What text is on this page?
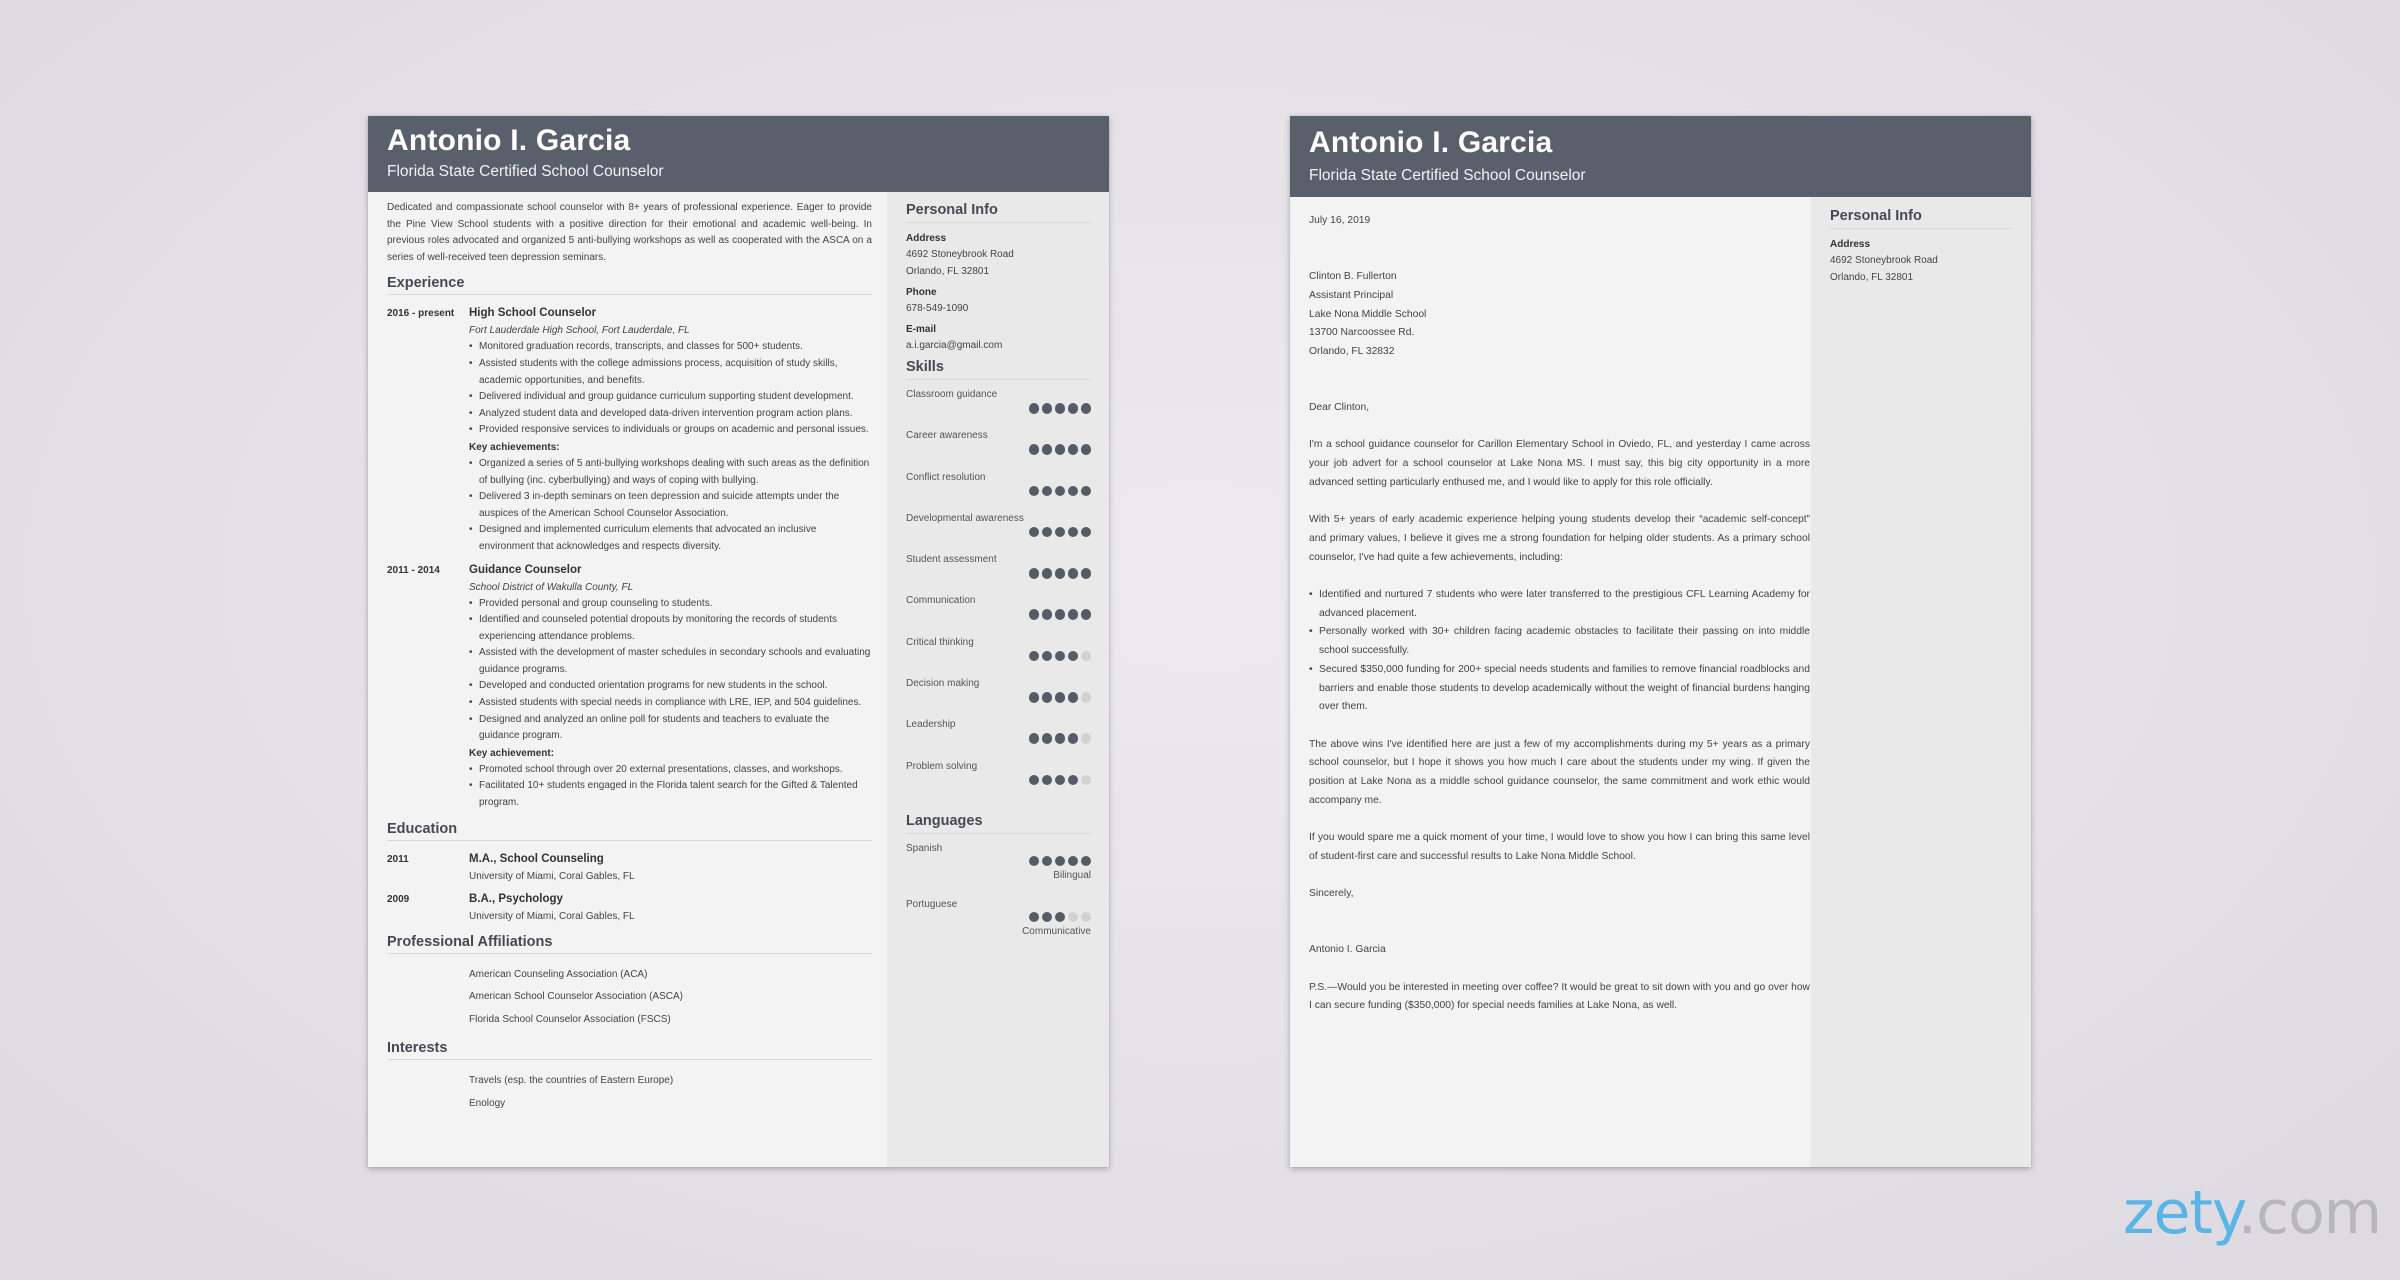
Antonio I. Garcia
Florida State Certified School Counselor
Dedicated and compassionate school counselor with 8+ years of professional experience. Eager to provide the Pine View School students with a positive direction for their emotional and academic well-being. In previous roles advocated and organized 5 anti-bullying workshops as well as cooperated with the ASCA on a series of well-received teen depression seminars.
Experience
2016 - present	High School Counselor
Fort Lauderdale High School, Fort Lauderdale, FL
• Monitored graduation records, transcripts, and classes for 500+ students.
• Assisted students with the college admissions process, acquisition of study skills, academic opportunities, and benefits.
• Delivered individual and group guidance curriculum supporting student development.
• Analyzed student data and developed data-driven intervention program action plans.
• Provided responsive services to individuals or groups on academic and personal issues.
Key achievements:
• Organized a series of 5 anti-bullying workshops dealing with such areas as the definition of bullying (inc. cyberbullying) and ways of coping with bullying.
• Delivered 3 in-depth seminars on teen depression and suicide attempts under the auspices of the American School Counselor Association.
• Designed and implemented curriculum elements that advocated an inclusive environment that acknowledges and respects diversity.
2011 - 2014	Guidance Counselor
School District of Wakulla County, FL
• Provided personal and group counseling to students.
• Identified and counseled potential dropouts by monitoring the records of students experiencing attendance problems.
• Assisted with the development of master schedules in secondary schools and evaluating guidance programs.
• Developed and conducted orientation programs for new students in the school.
• Assisted students with special needs in compliance with LRE, IEP, and 504 guidelines.
• Designed and analyzed an online poll for students and teachers to evaluate the guidance program.
Key achievement:
• Promoted school through over 20 external presentations, classes, and workshops.
• Facilitated 10+ students engaged in the Florida talent search for the Gifted & Talented program.
Education
2011	M.A., School Counseling
University of Miami, Coral Gables, FL
2009	B.A., Psychology
University of Miami, Coral Gables, FL
Professional Affiliations
American Counseling Association (ACA)
American School Counselor Association (ASCA)
Florida School Counselor Association (FSCS)
Interests
Travels (esp. the countries of Eastern Europe)
Enology
Personal Info
Address
4692 Stoneybrook Road
Orlando, FL 32801
Phone
678-549-1090
E-mail
a.i.garcia@gmail.com
Skills
Classroom guidance
Career awareness
Conflict resolution
Developmental awareness
Student assessment
Communication
Critical thinking
Decision making
Leadership
Problem solving
Languages
Spanish
Bilingual
Portuguese
Communicative
Antonio I. Garcia
Florida State Certified School Counselor
July 16, 2019
Clinton B. Fullerton
Assistant Principal
Lake Nona Middle School
13700 Narcoossee Rd.
Orlando, FL 32832
Dear Clinton,

I'm a school guidance counselor for Carillon Elementary School in Oviedo, FL, and yesterday I came across your job advert for a school counselor at Lake Nona MS. I must say, this big city opportunity in a more advanced setting particularly enthused me, and I would like to apply for this role officially.

With 5+ years of early academic experience helping young students develop their “academic self-concept” and primary values, I believe it gives me a strong foundation for helping older students. As a primary school counselor, I've had quite a few achievements, including:

• Identified and nurtured 7 students who were later transferred to the prestigious CFL Learning Academy for advanced placement.
• Personally worked with 30+ children facing academic obstacles to facilitate their passing on into middle school successfully.
• Secured $350,000 funding for 200+ special needs students and families to remove financial roadblocks and barriers and enable those students to develop academically without the weight of financial burdens hanging over them.

The above wins I've identified here are just a few of my accomplishments during my 5+ years as a primary school counselor, but I hope it shows you how much I care about the students under my wing. If given the position at Lake Nona as a middle school guidance counselor, the same commitment and work ethic would accompany me.

If you would spare me a quick moment of your time, I would love to show you how I can bring this same level of student-first care and successful results to Lake Nona Middle School.

Sincerely,
Antonio I. Garcia

P.S.—Would you be interested in meeting over coffee? It would be great to sit down with you and go over how I can secure funding ($350,000) for special needs families at Lake Nona, as well.

Personal Info
Address
4692 Stoneybrook Road
Orlando, FL 32801
zety.com
